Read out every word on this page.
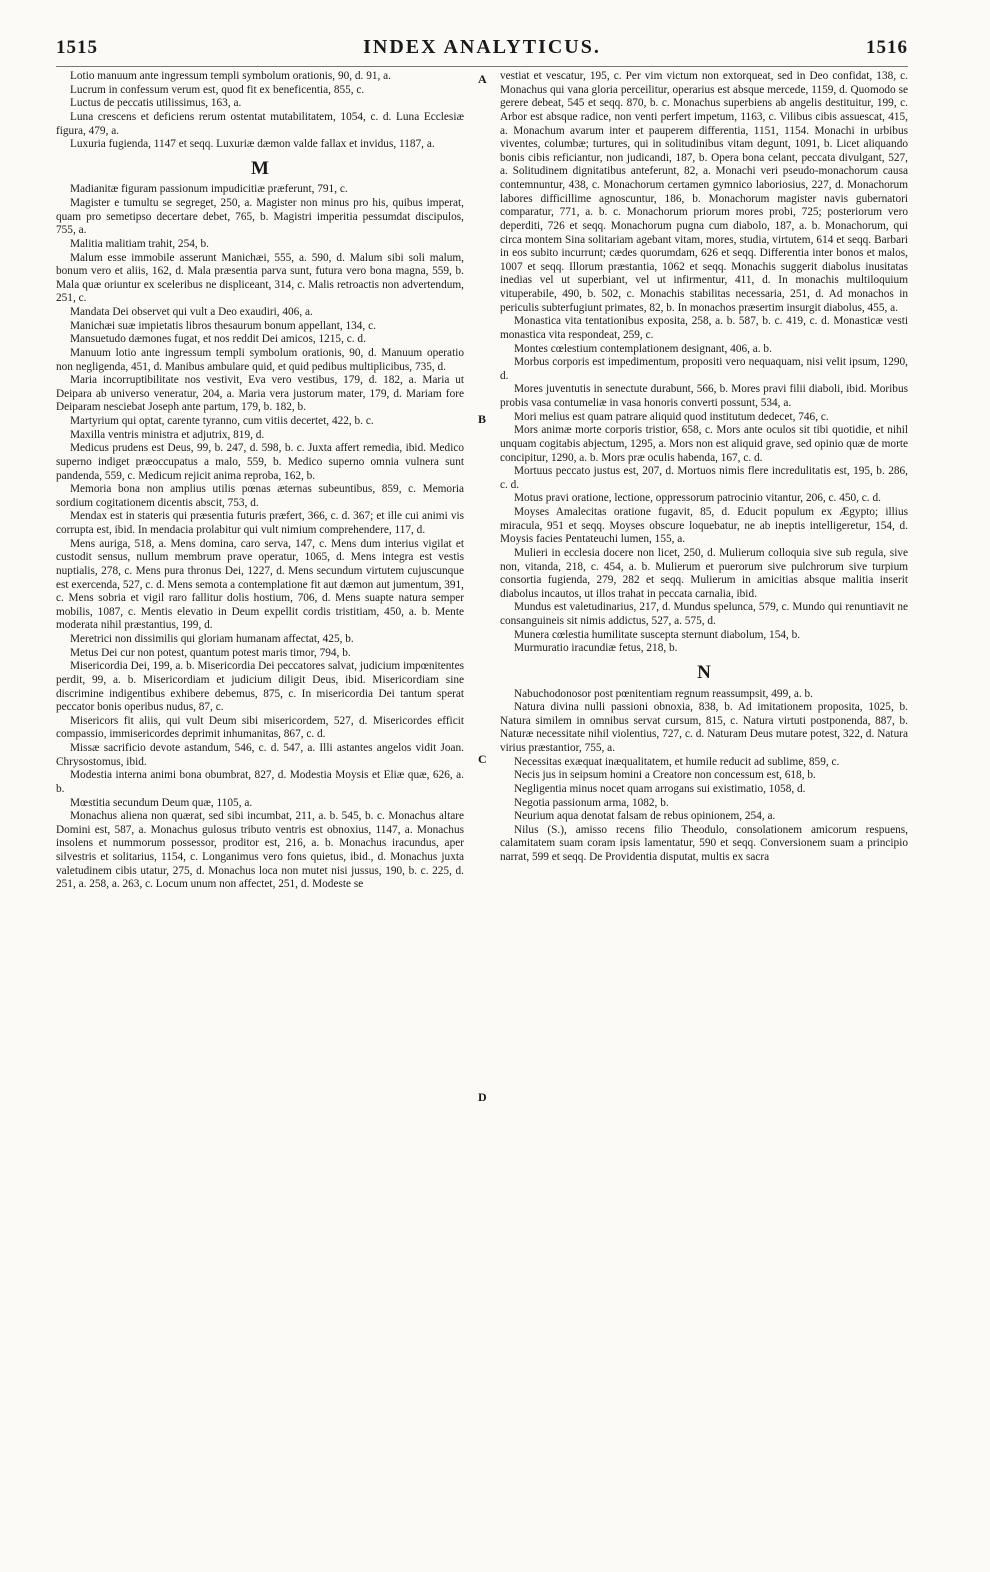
1515	INDEX ANALYTICUS.	1516

Lotio manuum ante ingressum templi symbolum orationis, 90, d. 91, a.

Lucrum in confessum verum est, quod fit ex beneficentia, 855, c.

Luctus de peccatis utilissimus, 163, a.

Luna crescens et deficiens rerum ostentat mutabilitatem, 1054, c. d. Luna Ecclesiæ figura, 479, a.

Luxuria fugienda, 1147 et seqq. Luxuriæ dæmon valde fallax et invidus, 1187, a.

M

Madianitæ figuram passionum impudicitiæ præferunt, 791, c.

Magister e tumultu se segreget, 250, a. Magister non minus pro his, quibus imperat, quam pro semetipso decertare debet, 765, b. Magistri imperitia pessumdat discipulos, 755, a.

Malitia malitiam trahit, 254, b.

Malum esse immobile asserunt Manichæi, 555, a. 590, d. Malum sibi soli malum, bonum vero et aliis, 162, d. Mala præsentia parva sunt, futura vero bona magna, 559, b. Mala quæ oriuntur ex sceleribus ne displiceant, 314, c. Malis retroactis non advertendum, 251, c.

Mandata Dei observet qui vult a Deo exaudiri, 406, a.

Manichæi suæ impietatis libros thesaurum bonum appellant, 134, c.

Mansuetudo dæmones fugat, et nos reddit Dei amicos, 1215, c. d.

Manuum lotio ante ingressum templi symbolum orationis, 90, d. Manuum operatio non negligenda, 451, d. Manibus ambulare quid, et quid pedibus multiplicibus, 735, d.

Maria incorruptibilitate nos vestivit, Eva vero vestibus, 179, d. 182, a. Maria ut Deipara ab universo veneratur, 204, a. Maria vera justorum mater, 179, d. Mariam fore Deiparam nesciebat Joseph ante partum, 179, b. 182, b.

Martyrium qui optat, carente tyranno, cum vitiis decertet, 422, b. c.

Maxilla ventris ministra et adjutrix, 819, d.

Medicus prudens est Deus, 99, b. 247, d. 598, b. c. Juxta affert remedia, ibid. Medico superno indiget præoccupatus a malo, 559, b. Medico superno omnia vulnera sunt pandenda, 559, c. Medicum rejicit anima reproba, 162, b.

Memoria bona non amplius utilis pœnas æternas subeuntibus, 859, c. Memoria sordium cogitationem dicentis abscit, 753, d.

Mendax est in stateris qui præsentia futuris præfert, 366, c. d. 367; et ille cui animi vis corrupta est, ibid. In mendacia prolabitur qui vult nimium comprehendere, 117, d.

Mens auriga, 518, a. Mens domina, caro serva, 147, c. Mens dum interius vigilat et custodit sensus, nullum membrum prave operatur, 1065, d. Mens integra est vestis nuptialis, 278, c. Mens pura thronus Dei, 1227, d. Mens secundum virtutem cujuscunque est exercenda, 527, c. d. Mens semota a contemplatione fit aut dæmon aut jumentum, 391, c. Mens sobria et vigil raro fallitur dolis hostium, 706, d. Mens suapte natura semper mobilis, 1087, c. Mentis elevatio in Deum expellit cordis tristitiam, 450, a. b. Mente moderata nihil præstantius, 199, d.

Meretrici non dissimilis qui gloriam humanam affectat, 425, b.

Metus Dei cur non potest, quantum potest maris timor, 794, b.

Misericordia Dei, 199, a. b. Misericordia Dei peccatores salvat, judicium impœnitentes perdit, 99, a. b. Misericordiam et judicium diligit Deus, ibid. Misericordiam sine discrimine indigentibus exhibere debemus, 875, c. In misericordia Dei tantum sperat peccator bonis operibus nudus, 87, c.

Misericors fit aliis, qui vult Deum sibi misericordem, 527, d. Misericordes efficit compassio, immisericordes deprimit inhumanitas, 867, c. d.

Missæ sacrificio devote astandum, 546, c. d. 547, a. Illi astantes angelos vidit Joan. Chrysostomus, ibid.

Modestia interna animi bona obumbrat, 827, d. Modestia Moysis et Eliæ quæ, 626, a. b.

Mœstitia secundum Deum quæ, 1105, a.

Monachus aliena non quærat, sed sibi incumbat, 211, a. b. 545, b. c. Monachus altare Domini est, 587, a. Monachus gulosus tributo ventris est obnoxius, 1147, a. Monachus insolens et nummorum possessor, proditor est, 216, a. b. Monachus iracundus, aper silvestris et solitarius, 1154, c. Longanimus vero fons quietus, ibid., d. Monachus juxta valetudinem cibis utatur, 275, d. Monachus loca non mutet nisi jussus, 190, b. c. 225, d. 251, a. 258, a. 263, c. Locum unum non affectet, 251, d. Modeste se

vestiat et vescatur, 195, c. Per vim victum non extorqueat, sed in Deo confidat, 138, c. Monachus qui vana gloria perceilitur, operarius est absque mercede, 1159, d. Quomodo se gerere debeat, 545 et seqq. 870, b. c. Monachus superbiens ab angelis destituitur, 199, c. Arbor est absque radice, non venti perfert impetum, 1163, c. Vilibus cibis assuescat, 415, a. Monachum avarum inter et pauperem differentia, 1151, 1154. Monachi in urbibus viventes, columbæ; turtures, qui in solitudinibus vitam degunt, 1091, b. Licet aliquando bonis cibis reficiantur, non judicandi, 187, b. Opera bona celant, peccata divulgant, 527, a. Solitudinem dignitatibus anteferunt, 82, a. Monachi veri pseudo-monachorum causa contemnuntur, 438, c. Monachorum certamen gymnico laboriosius, 227, d. Monachorum labores difficillime agnoscuntur, 186, b. Monachorum magister navis gubernatori comparatur, 771, a. b. c. Monachorum priorum mores probi, 725; posteriorum vero deperditi, 726 et seqq. Monachorum pugna cum diabolo, 187, a. b. Monachorum, qui circa montem Sina solitariam agebant vitam, mores, studia, virtutem, 614 et seqq. Barbari in eos subito incurrunt; cædes quorumdam, 626 et seqq. Differentia inter bonos et malos, 1007 et seqq. Illorum præstantia, 1062 et seqq. Monachis suggerit diabolus inusitatas inedias vel ut superbiant, vel ut infirmentur, 411, d. In monachis multiloquium vituperabile, 490, b. 502, c. Monachis stabilitas necessaria, 251, d. Ad monachos in periculis subterfugiunt primates, 82, b. In monachos præsertim insurgit diabolus, 455, a.

Monastica vita tentationibus exposita, 258, a. b. 587, b. c. 419, c. d. Monasticæ vesti monastica vita respondeat, 259, c.

Montes cœlestium contemplationem designant, 406, a. b.

Morbus corporis est impedimentum, propositi vero nequaquam, nisi velit ipsum, 1290, d.

Mores juventutis in senectute durabunt, 566, b. Mores pravi filii diaboli, ibid. Moribus probis vasa contumeliæ in vasa honoris converti possunt, 534, a.

Mori melius est quam patrare aliquid quod institutum dedecet, 746, c.

Mors animæ morte corporis tristior, 658, c. Mors ante oculos sit tibi quotidie, et nihil unquam cogitabis abjectum, 1295, a. Mors non est aliquid grave, sed opinio quæ de morte concipitur, 1290, a. b. Mors præ oculis habenda, 167, c. d.

Mortuus peccato justus est, 207, d. Mortuos nimis flere incredulitatis est, 195, b. 286, c. d.

Motus pravi oratione, lectione, oppressorum patrocinio vitantur, 206, c. 450, c. d.

Moyses Amalecitas oratione fugavit, 85, d. Educit populum ex Ægypto; illius miracula, 951 et seqq. Moyses obscure loquebatur, ne ab ineptis intelligeretur, 154, d. Moysis facies Pentateuchi lumen, 155, a.

Mulieri in ecclesia docere non licet, 250, d. Mulierum colloquia sive sub regula, sive non, vitanda, 218, c. 454, a. b. Mulierum et puerorum sive pulchrorum sive turpium consortia fugienda, 279, 282 et seqq. Mulierum in amicitias absque malitia inserit diabolus incautos, ut illos trahat in peccata carnalia, ibid.

Mundus est valetudinarius, 217, d. Mundus spelunca, 579, c. Mundo qui renuntiavit ne consanguineis sit nimis addictus, 527, a. 575, d.

Munera cœlestia humilitate suscepta sternunt diabolum, 154, b.

Murmuratio iracundiæ fetus, 218, b.

N

Nabuchodonosor post pœnitentiam regnum reassumpsit, 499, a. b.

Natura divina nulli passioni obnoxia, 838, b. Ad imitationem proposita, 1025, b. Natura similem in omnibus servat cursum, 815, c. Natura virtuti postponenda, 887, b. Naturæ necessitate nihil violentius, 727, c. d. Naturam Deus mutare potest, 322, d. Natura virius præstantior, 755, a.

Necessitas exæquat inæqualitatem, et humile reducit ad sublime, 859, c.

Necis jus in seipsum homini a Creatore non concessum est, 618, b.

Negligentia minus nocet quam arrogans sui existimatio, 1058, d.

Negotia passionum arma, 1082, b.

Neurium aqua denotat falsam de rebus opinionem, 254, a.

Nilus (S.), amisso recens filio Theodulo, consolationem amicorum respuens, calamitatem suam coram ipsis lamentatur, 590 et seqq. Conversionem suam a principio narrat, 599 et seqq. De Providentia disputat, multis ex sacra

A
B
C
D
